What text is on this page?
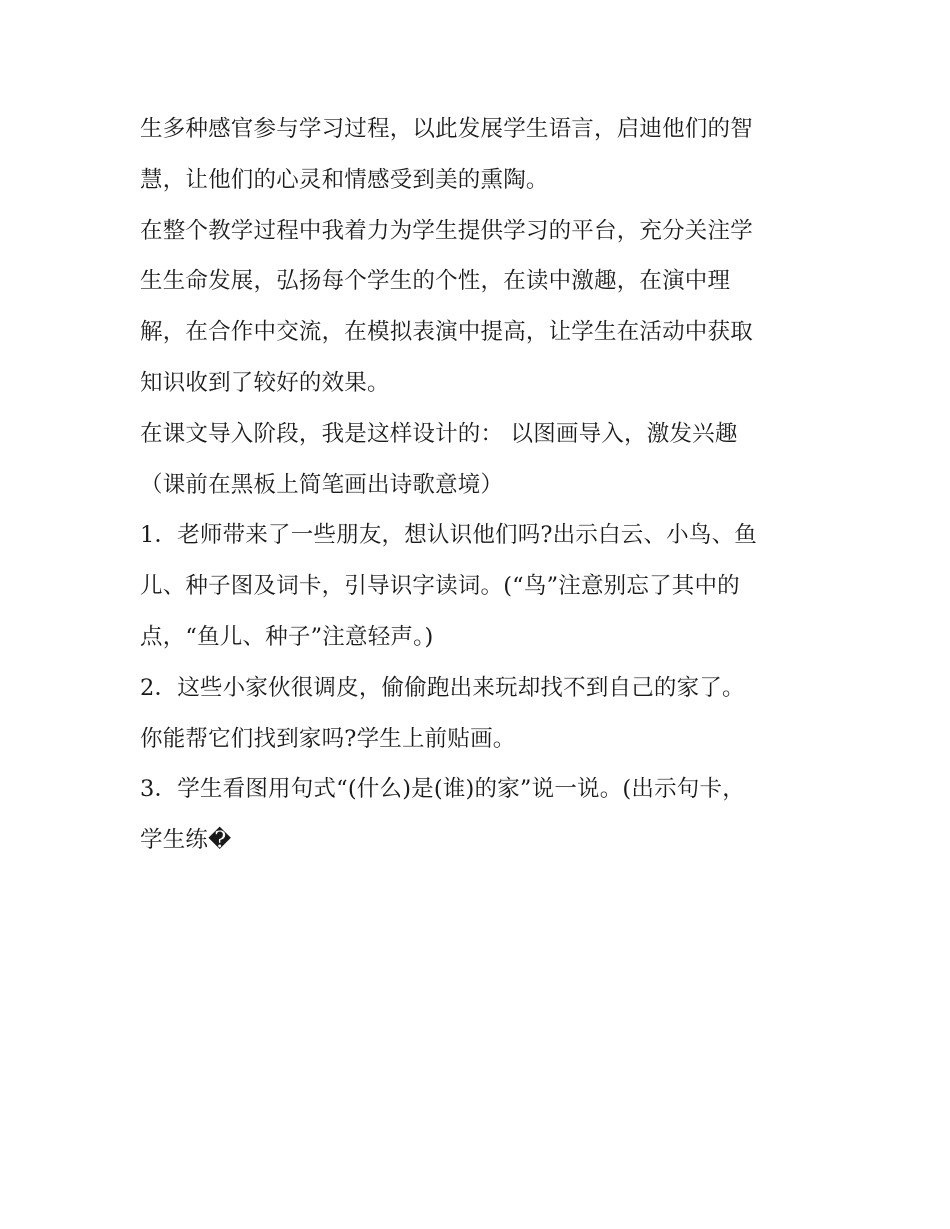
生多种感官参与学习过程，以此发展学生语言，启迪他们的智
慧，让他们的心灵和情感受到美的熏陶。
在整个教学过程中我着力为学生提供学习的平台，充分关注学
生生命发展，弘扬每个学生的个性，在读中激趣，在演中理
解，在合作中交流，在模拟表演中提高，让学生在活动中获取
知识收到了较好的效果。
在课文导入阶段，我是这样设计的： 以图画导入，激发兴趣
（课前在黑板上简笔画出诗歌意境）
1．老师带来了一些朋友，想认识他们吗?出示白云、小鸟、鱼
儿、种子图及词卡，引导识字读词。(“鸟”注意别忘了其中的
点，“鱼儿、种子”注意轻声。)
2．这些小家伙很调皮，偷偷跑出来玩却找不到自己的家了。
你能帮它们找到家吗?学生上前贴画。
3．学生看图用句式“(什么)是(谁)的家”说一说。(出示句卡，
学生练�
